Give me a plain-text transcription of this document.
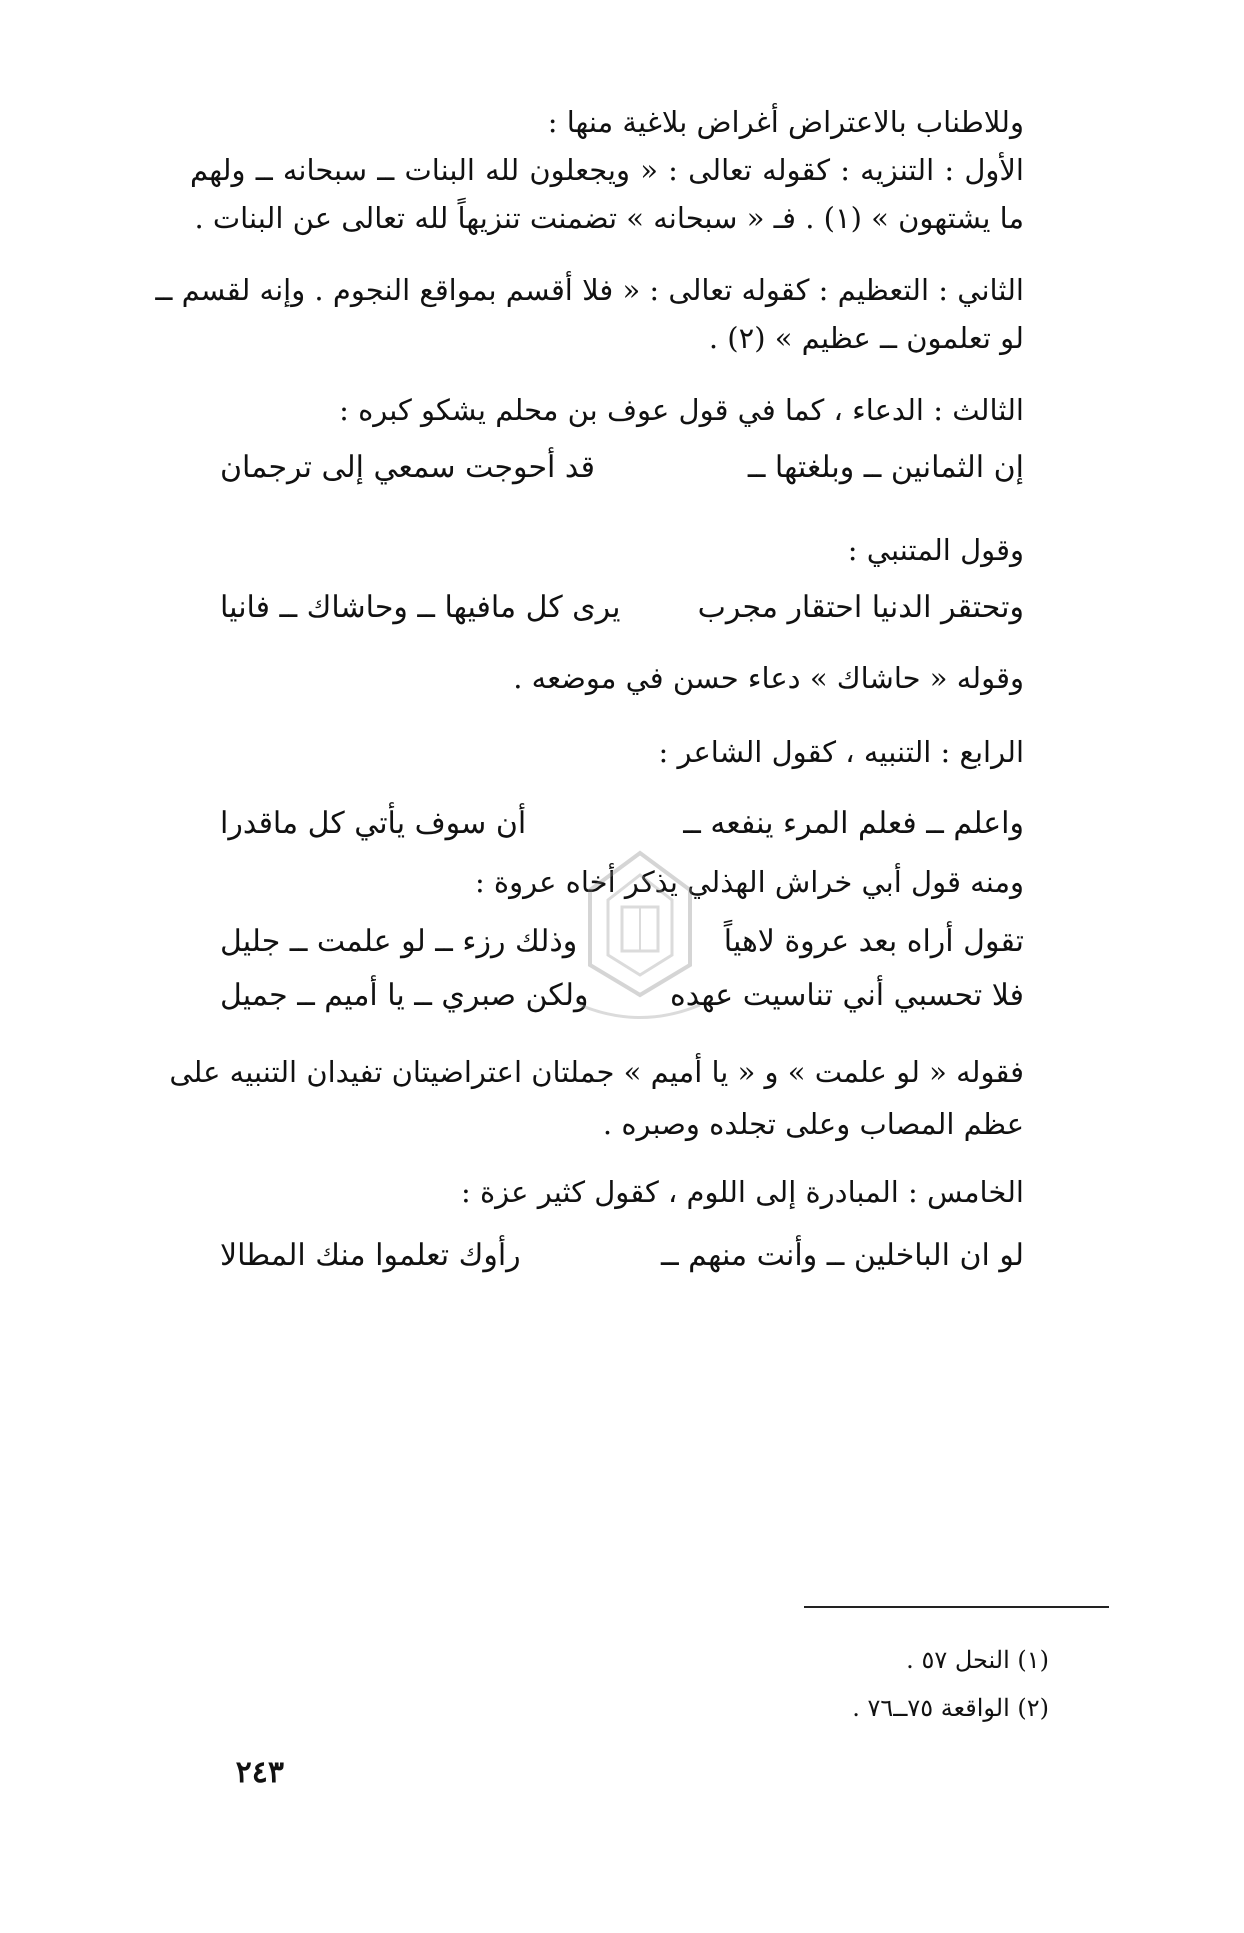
وللاطناب بالاعتراض أغراض بلاغية منها :
الأول : التنزيه : كقوله تعالى : « ويجعلون لله البنات ــ سبحانه ــ ولهم
ما يشتهون » (١) . فـ « سبحانه » تضمنت تنزيهاً لله تعالى عن البنات .
الثاني : التعظيم : كقوله تعالى : « فلا أقسم بمواقع النجوم . وإنه لقسم ــ
لو تعلمون ــ عظيم » (٢) .
الثالث : الدعاء ، كما في قول عوف بن محلم يشكو كبره :
إن الثمانين ــ وبلغتها ــ
قد أحوجت سمعي إلى ترجمان
وقول المتنبي :
وتحتقر الدنيا احتقار مجرب
يرى كل مافيها ــ وحاشاك ــ فانيا
وقوله « حاشاك » دعاء حسن في موضعه .
الرابع : التنبيه ، كقول الشاعر :
واعلم ــ فعلم المرء ينفعه ــ
أن سوف يأتي كل ماقدرا
ومنه قول أبي خراش الهذلي يذكر أخاه عروة :
تقول أراه بعد عروة لاهياً
وذلك رزء ــ لو علمت ــ جليل
فلا تحسبي أني تناسيت عهده
ولكن صبري ــ يا أميم ــ جميل
فقوله « لو علمت » و « يا أميم » جملتان اعتراضيتان تفيدان التنبيه على
عظم المصاب وعلى تجلده وصبره .
الخامس : المبادرة إلى اللوم ، كقول كثير عزة :
لو ان الباخلين ــ وأنت منهم ــ
رأوك تعلموا منك المطالا
(١) النحل ٥٧ .
(٢) الواقعة ٧٥ــ٧٦ .
٢٤٣
